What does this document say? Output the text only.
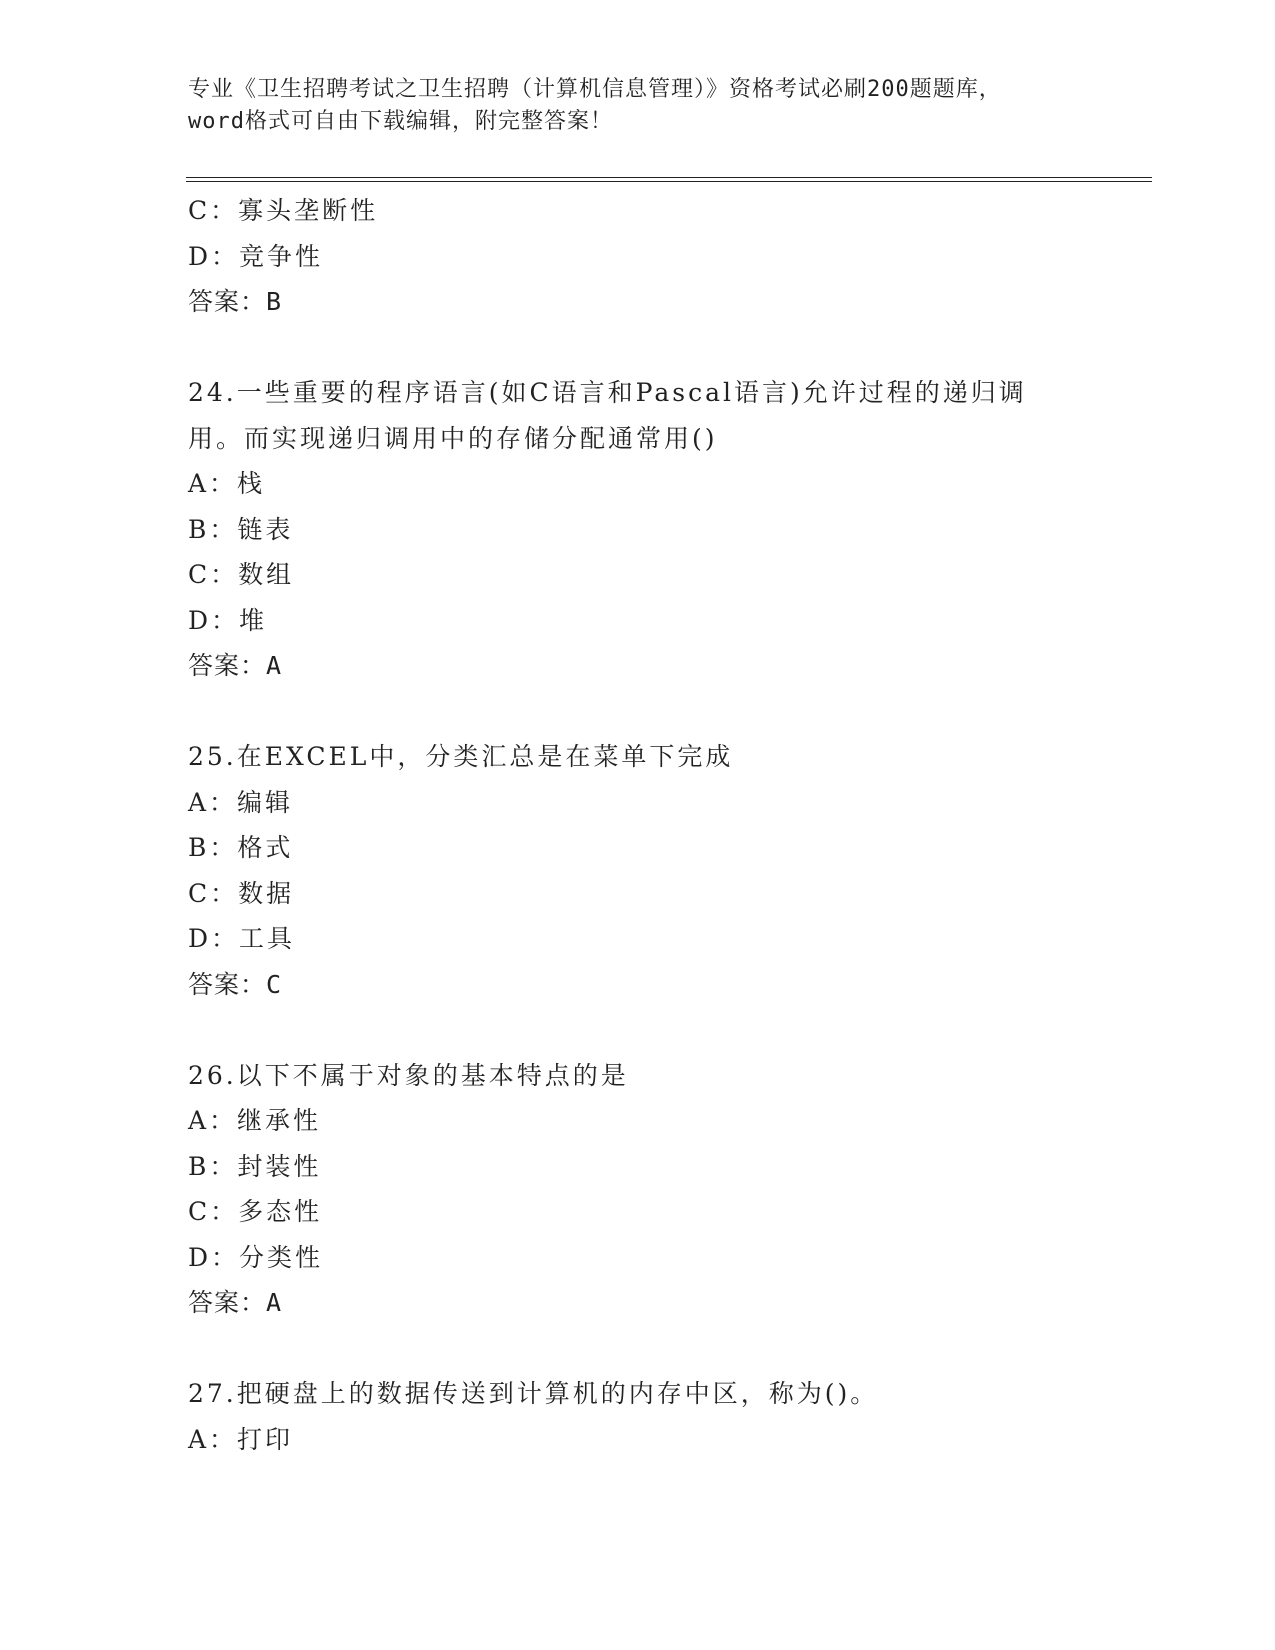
专业《卫生招聘考试之卫生招聘（计算机信息管理）》资格考试必刷200题题库，
word格式可自由下载编辑，附完整答案！
C：寡头垄断性
D：竞争性
答案：B
24.一些重要的程序语言(如C语言和Pascal语言)允许过程的递归调
用。而实现递归调用中的存储分配通常用()
A：栈
B：链表
C：数组
D：堆
答案：A
25.在EXCEL中，分类汇总是在菜单下完成
A：编辑
B：格式
C：数据
D：工具
答案：C
26.以下不属于对象的基本特点的是
A：继承性
B：封装性
C：多态性
D：分类性
答案：A
27.把硬盘上的数据传送到计算机的内存中区，称为()。
A：打印
